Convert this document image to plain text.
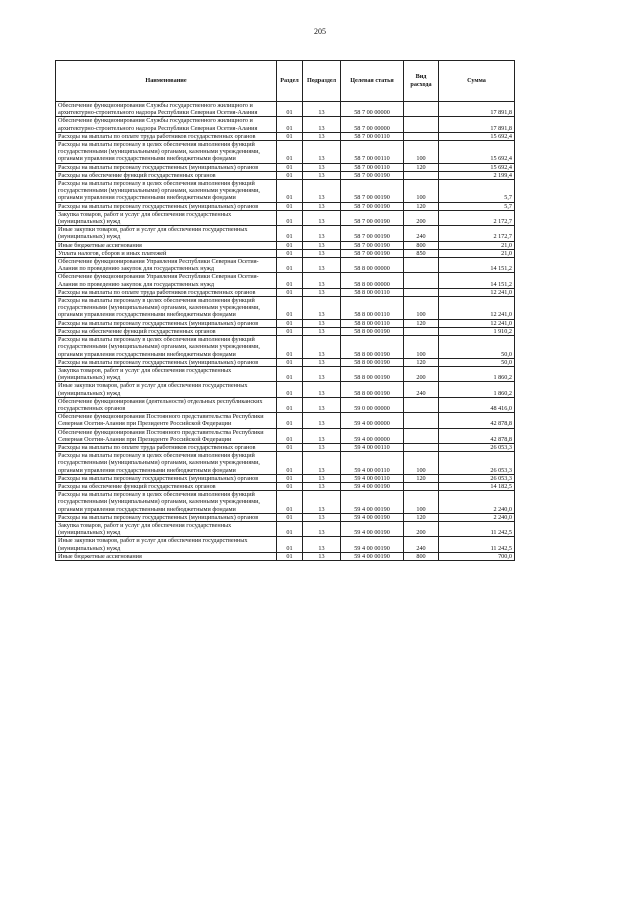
205
Наименование	Раздел	Подраздел	Целевая статья	Вид расхода	Сумма
Обеспечение функционирования Службы государственного жилищного и архитектурно-строительного надзора Республики Северная Осетия-Алания	01	13	58 7 00 00000		17 891,8
Обеспечение функционирования Службы государственного жилищного и архитектурно-строительного надзора Республики Северная Осетия-Алания	01	13	58 7 00 00000		17 891,8
Расходы на выплаты по оплате труда работников государственных органов	01	13	58 7 00 00110		15 692,4
Расходы на выплаты персоналу в целях обеспечения выполнения функций государственными (муниципальными) органами, казенными учреждениями, органами управления государственными внебюджетными фондами	01	13	58 7 00 00110	100	15 692,4
Расходы на выплаты персоналу государственных (муниципальных) органов	01	13	58 7 00 00110	120	15 692,4
Расходы на обеспечение функций государственных органов	01	13	58 7 00 00190		2 199,4
Расходы на выплаты персоналу в целях обеспечения выполнения функций государственными (муниципальными) органами, казенными учреждениями, органами управления государственными внебюджетными фондами	01	13	58 7 00 00190	100	5,7
Расходы на выплаты персоналу государственных (муниципальных) органов	01	13	58 7 00 00190	120	5,7
Закупка товаров, работ и услуг для обеспечения государственных (муниципальных) нужд	01	13	58 7 00 00190	200	2 172,7
Иные закупки товаров, работ и услуг для обеспечения государственных (муниципальных) нужд	01	13	58 7 00 00190	240	2 172,7
Иные бюджетные ассигнования	01	13	58 7 00 00190	800	21,0
Уплата налогов, сборов и иных платежей	01	13	58 7 00 00190	850	21,0
Обеспечение функционирования Управления Республики Северная Осетия-Алания по проведению закупок для государственных нужд	01	13	58 8 00 00000		14 151,2
Обеспечение функционирования Управления Республики Северная Осетия-Алания по проведению закупок для государственных нужд	01	13	58 8 00 00000		14 151,2
Расходы на выплаты по оплате труда работников государственных органов	01	13	58 8 00 00110		12 241,0
Расходы на выплаты персоналу в целях обеспечения выполнения функций государственными (муниципальными) органами, казенными учреждениями, органами управления государственными внебюджетными фондами	01	13	58 8 00 00110	100	12 241,0
Расходы на выплаты персоналу государственных (муниципальных) органов	01	13	58 8 00 00110	120	12 241,0
Расходы на обеспечение функций государственных органов	01	13	58 8 00 00190		1 910,2
Расходы на выплаты персоналу в целях обеспечения выполнения функций государственными (муниципальными) органами, казенными учреждениями, органами управления государственными внебюджетными фондами	01	13	58 8 00 00190	100	50,0
Расходы на выплаты персоналу государственных (муниципальных) органов	01	13	58 8 00 00190	120	50,0
Закупка товаров, работ и услуг для обеспечения государственных (муниципальных) нужд	01	13	58 8 00 00190	200	1 860,2
Иные закупки товаров, работ и услуг для обеспечения государственных (муниципальных) нужд	01	13	58 8 00 00190	240	1 860,2
Обеспечение функционирования (деятельности) отдельных республиканских государственных органов	01	13	59 0 00 00000		48 416,0
Обеспечение функционирования Постоянного представительства Республики Северная Осетия-Алания при Президенте Российской Федерации	01	13	59 4 00 00000		42 878,8
Обеспечение функционирования Постоянного представительства Республики Северная Осетия-Алания при Президенте Российской Федерации	01	13	59 4 00 00000		42 878,8
Расходы на выплаты по оплате труда работников государственных органов	01	13	59 4 00 00110		26 053,3
Расходы на выплаты персоналу в целях обеспечения выполнения функций государственными (муниципальными) органами, казенными учреждениями, органами управления государственными внебюджетными фондами	01	13	59 4 00 00110	100	26 053,3
Расходы на выплаты персоналу государственных (муниципальных) органов	01	13	59 4 00 00110	120	26 053,3
Расходы на обеспечение функций государственных органов	01	13	59 4 00 00190		14 182,5
Расходы на выплаты персоналу в целях обеспечения выполнения функций государственными (муниципальными) органами, казенными учреждениями, органами управления государственными внебюджетными фондами	01	13	59 4 00 00190	100	2 240,0
Расходы на выплаты персоналу государственных (муниципальных) органов	01	13	59 4 00 00190	120	2 240,0
Закупка товаров, работ и услуг для обеспечения государственных (муниципальных) нужд	01	13	59 4 00 00190	200	11 242,5
Иные закупки товаров, работ и услуг для обеспечения государственных (муниципальных) нужд	01	13	59 4 00 00190	240	11 242,5
Иные бюджетные ассигнования	01	13	59 4 00 00190	800	700,0
